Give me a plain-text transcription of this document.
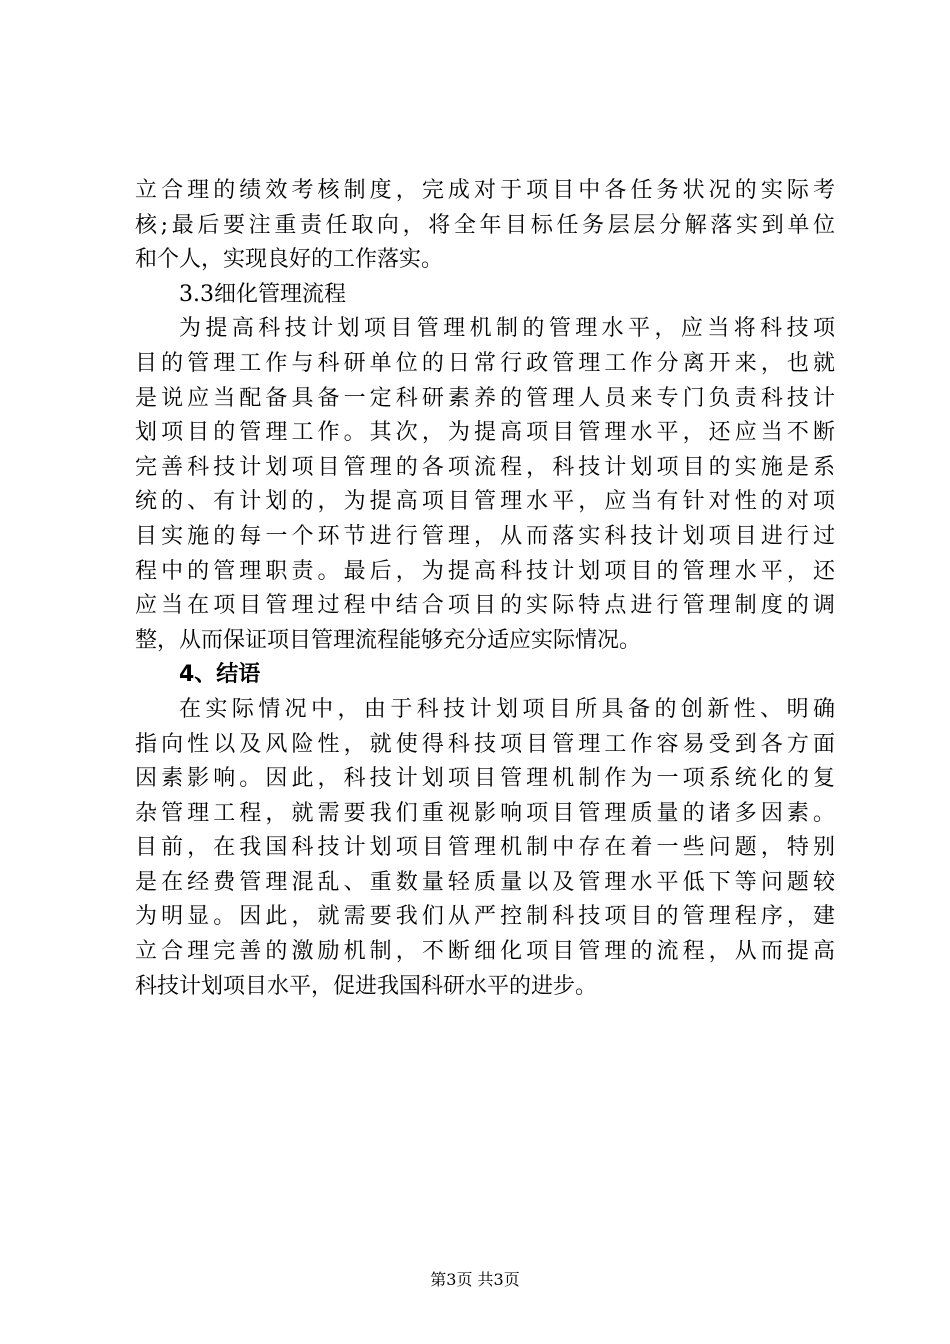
立合理的绩效考核制度，完成对于项目中各任务状况的实际考
核;最后要注重责任取向，将全年目标任务层层分解落实到单位
和个人，实现良好的工作落实。
3.3细化管理流程
为提高科技计划项目管理机制的管理水平，应当将科技项
目的管理工作与科研单位的日常行政管理工作分离开来，也就
是说应当配备具备一定科研素养的管理人员来专门负责科技计
划项目的管理工作。其次，为提高项目管理水平，还应当不断
完善科技计划项目管理的各项流程，科技计划项目的实施是系
统的、有计划的，为提高项目管理水平，应当有针对性的对项
目实施的每一个环节进行管理，从而落实科技计划项目进行过
程中的管理职责。最后，为提高科技计划项目的管理水平，还
应当在项目管理过程中结合项目的实际特点进行管理制度的调
整，从而保证项目管理流程能够充分适应实际情况。
4、结语
在实际情况中，由于科技计划项目所具备的创新性、明确
指向性以及风险性，就使得科技项目管理工作容易受到各方面
因素影响。因此，科技计划项目管理机制作为一项系统化的复
杂管理工程，就需要我们重视影响项目管理质量的诸多因素。
目前，在我国科技计划项目管理机制中存在着一些问题，特别
是在经费管理混乱、重数量轻质量以及管理水平低下等问题较
为明显。因此，就需要我们从严控制科技项目的管理程序，建
立合理完善的激励机制，不断细化项目管理的流程，从而提高
科技计划项目水平，促进我国科研水平的进步。
第3页 共3页
